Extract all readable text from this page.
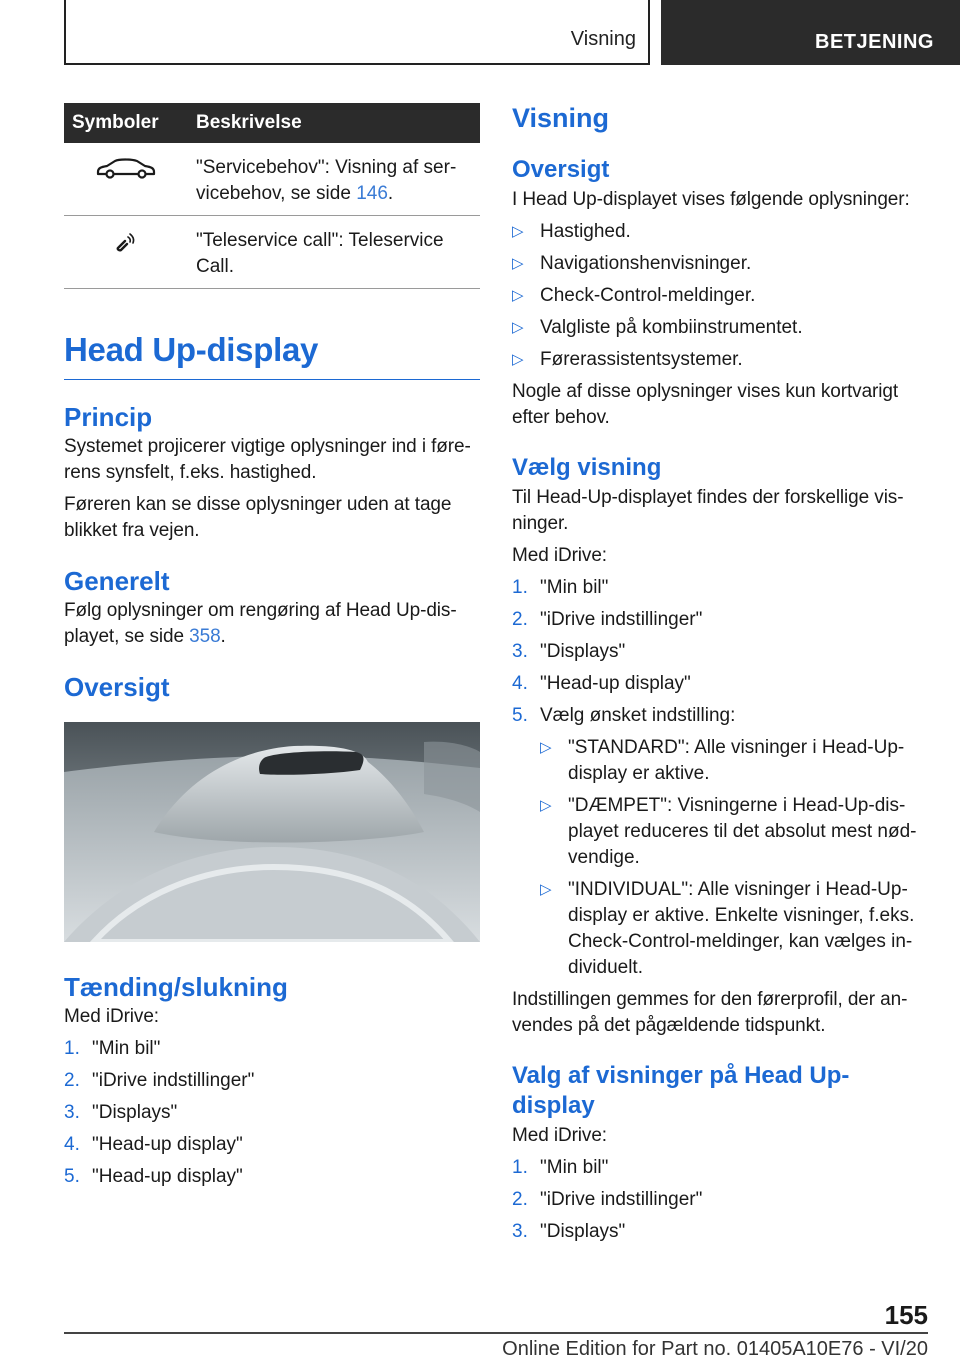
Visning	BETJENING
Symboler	Beskrivelse
	"Servicebehov": Visning af ser-vicebehov, se side 146.
	"Teleservice call": Teleservice Call.
Head Up-display
Princip

Systemet projicerer vigtige oplysninger ind i føre-rens synsfelt, f.eks. hastighed.

Føreren kan se disse oplysninger uden at tage blikket fra vejen.

Generelt

Følg oplysninger om rengøring af Head Up-dis-playet, se side 358.

Oversigt
Tænding/slukning

Med iDrive:

1. "Min bil"
2. "iDrive indstillinger"
3. "Displays"
4. "Head-up display"
5. "Head-up display"
Visning
Oversigt

I Head Up-displayet vises følgende oplysninger:

▷ Hastighed.
▷ Navigationshenvisninger.
▷ Check-Control-meldinger.
▷ Valgliste på kombiinstrumentet.
▷ Førerassistentsystemer.

Nogle af disse oplysninger vises kun kortvarigt efter behov.

Vælg visning

Til Head-Up-displayet findes der forskellige vis-ninger.

Med iDrive:

1. "Min bil"
2. "iDrive indstillinger"
3. "Displays"
4. "Head-up display"
5. Vælg ønsket indstilling:
▷ "STANDARD": Alle visninger i Head-Up-display er aktive.
▷ "DÆMPET": Visningerne i Head-Up-dis-playet reduceres til det absolut mest nød-vendige.
▷ "INDIVIDUAL": Alle visninger i Head-Up-display er aktive. Enkelte visninger, f.eks. Check-Control-meldinger, kan vælges in-dividuelt.

Indstillingen gemmes for den førerprofil, der an-vendes på det pågældende tidspunkt.

Valg af visninger på Head Up-display

Med iDrive:

1. "Min bil"
2. "iDrive indstillinger"
3. "Displays"
155
Online Edition for Part no. 01405A10E76 - VI/20
